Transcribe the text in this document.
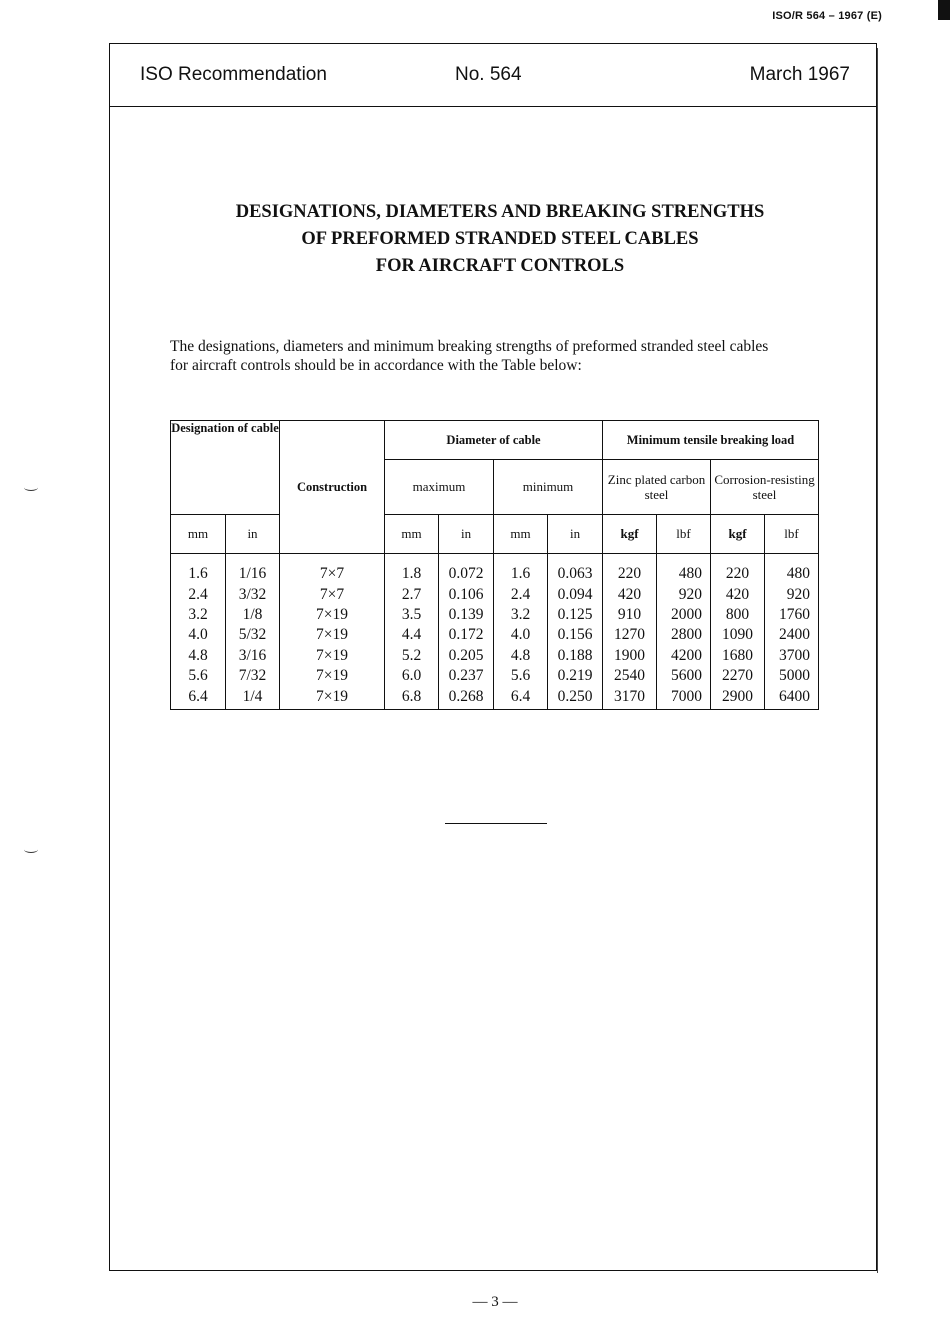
ISO/R 564 – 1967 (E)
ISO Recommendation	No. 564	March 1967
DESIGNATIONS, DIAMETERS AND BREAKING STRENGTHS
OF PREFORMED STRANDED STEEL CABLES
FOR AIRCRAFT CONTROLS
The designations, diameters and minimum breaking strengths of preformed stranded steel cables
for aircraft controls should be in accordance with the Table below:
Designation of cable		Construction	Diameter of cable				Minimum tensile breaking load			
			maximum		minimum		Zinc plated carbon steel		Corrosion-resisting steel	
mm	in		mm	in	mm	in	kgf	lbf	kgf	lbf

1.6	1/16	7×7	1.8	0.072	1.6	0.063	220	480	220	480
2.4	3/32	7×7	2.7	0.106	2.4	0.094	420	920	420	920
3.2	1/8	7×19	3.5	0.139	3.2	0.125	910	2000	800	1760
4.0	5/32	7×19	4.4	0.172	4.0	0.156	1270	2800	1090	2400
4.8	3/16	7×19	5.2	0.205	4.8	0.188	1900	4200	1680	3700
5.6	7/32	7×19	6.0	0.237	5.6	0.219	2540	5600	2270	5000
6.4	1/4	7×19	6.8	0.268	6.4	0.250	3170	7000	2900	6400
— 3 —
